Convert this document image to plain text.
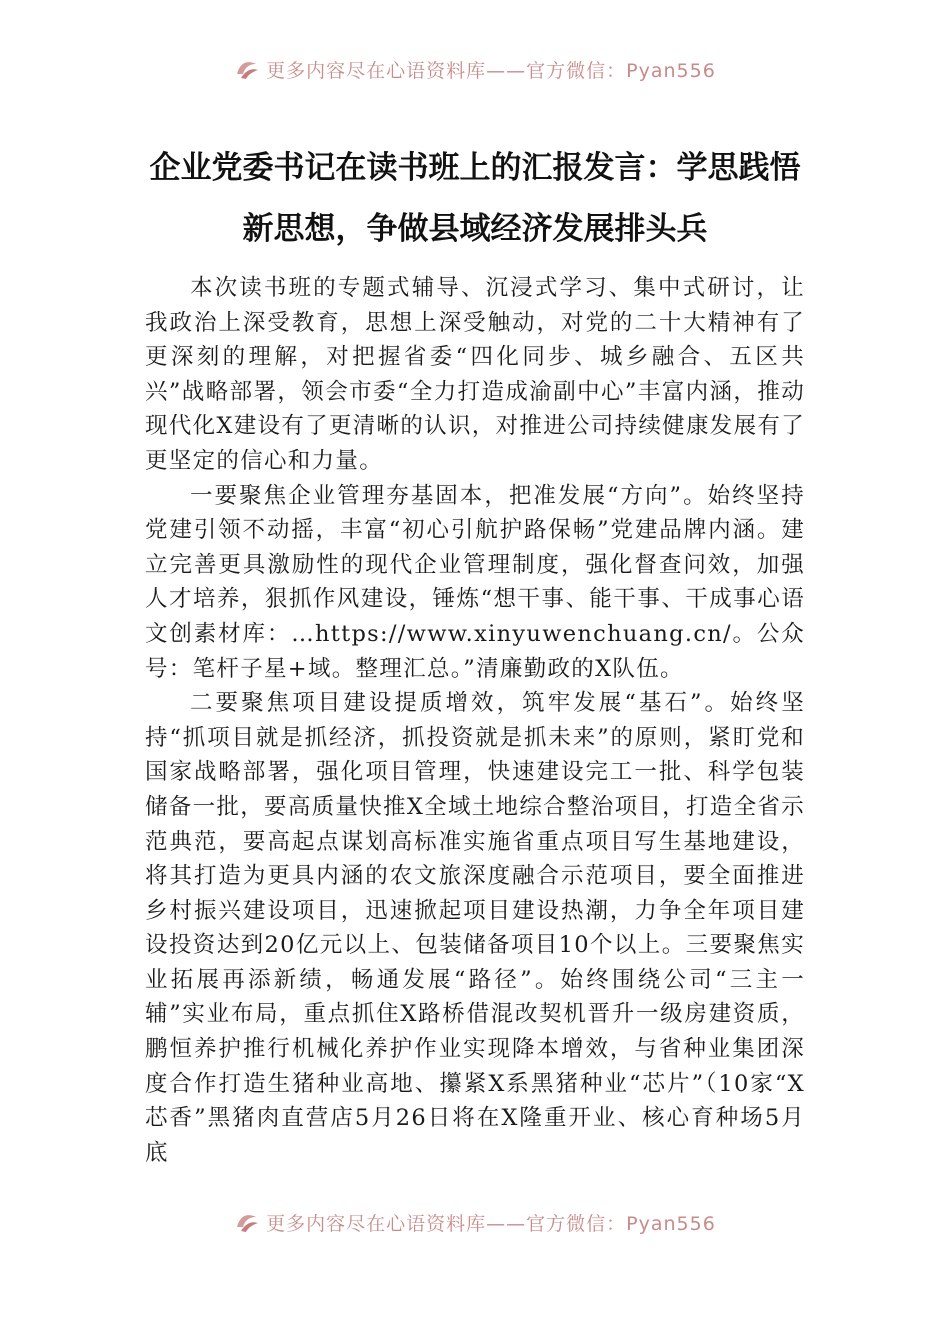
更多内容尽在心语资料库——官方微信：Pyan556
企业党委书记在读书班上的汇报发言：学思践悟新思想，争做县域经济发展排头兵

本次读书班的专题式辅导、沉浸式学习、集中式研讨，让我政治上深受教育，思想上深受触动，对党的二十大精神有了更深刻的理解，对把握省委“四化同步、城乡融合、五区共兴”战略部署，领会市委“全力打造成渝副中心”丰富内涵，推动现代化X建设有了更清晰的认识，对推进公司持续健康发展有了更坚定的信心和力量。

一要聚焦企业管理夯基固本，把准发展“方向”。始终坚持党建引领不动摇，丰富“初心引航护路保畅”党建品牌内涵。建立完善更具激励性的现代企业管理制度，强化督查问效，加强人才培养，狠抓作风建设，锤炼“想干事、能干事、干成事心语文创素材库：…https://www.xinyuwenchuang.cn/。公众号：笔杆子星+域。整理汇总。”清廉勤政的X队伍。

二要聚焦项目建设提质增效，筑牢发展“基石”。始终坚持“抓项目就是抓经济，抓投资就是抓未来”的原则，紧盯党和国家战略部署，强化项目管理，快速建设完工一批、科学包装储备一批，要高质量快推X全域土地综合整治项目，打造全省示范典范，要高起点谋划高标准实施省重点项目写生基地建设，将其打造为更具内涵的农文旅深度融合示范项目，要全面推进乡村振兴建设项目，迅速掀起项目建设热潮，力争全年项目建设投资达到20亿元以上、包装储备项目10个以上。三要聚焦实业拓展再添新绩，畅通发展“路径”。始终围绕公司“三主一辅”实业布局，重点抓住X路桥借混改契机晋升一级房建资质，鹏恒养护推行机械化养护作业实现降本增效，与省种业集团深度合作打造生猪种业高地、攥紧X系黑猪种业“芯片”（10家“X芯香”黑猪肉直营店5月26日将在X隆重开业、核心育种场5月底

更多内容尽在心语资料库——官方微信：Pyan556
